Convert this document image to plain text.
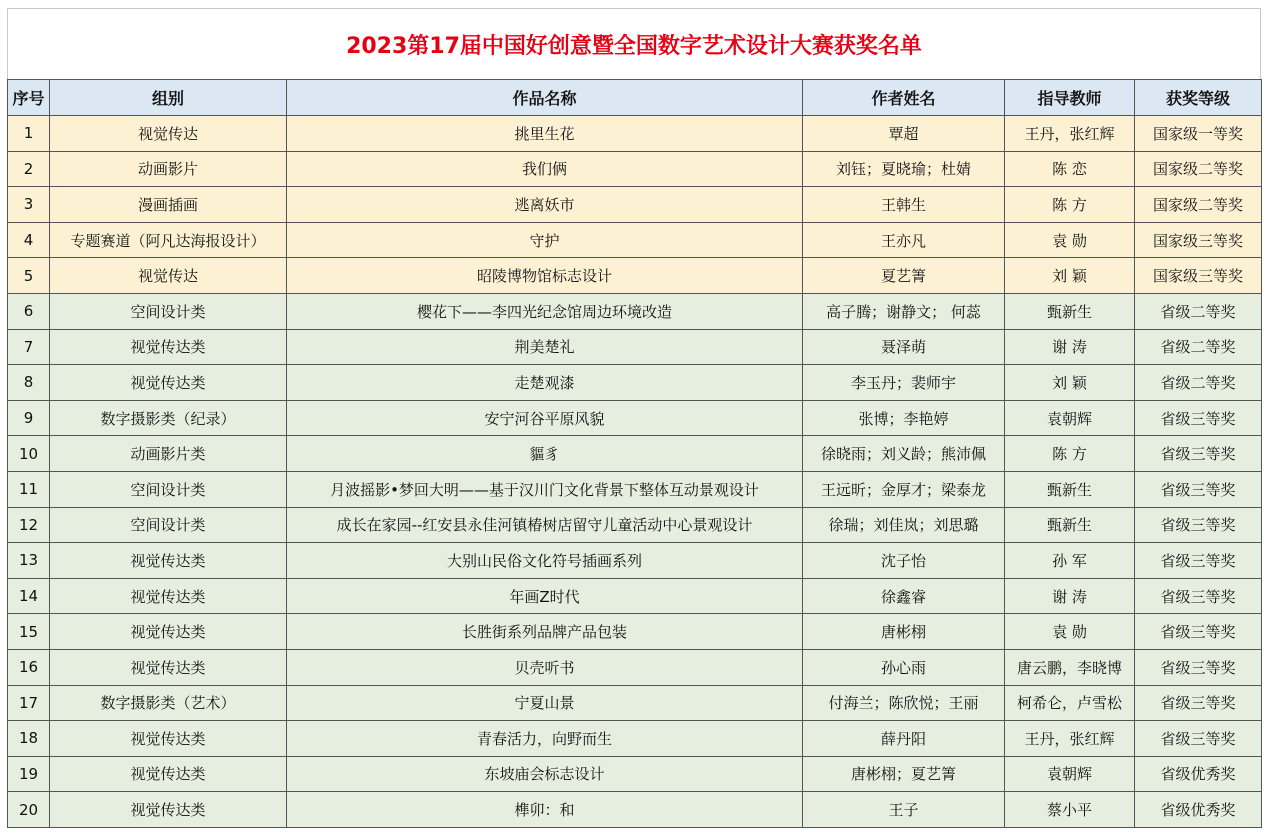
2023第17届中国好创意暨全国数字艺术设计大赛获奖名单
序号	组别	作品名称	作者姓名	指导教师	获奖等级
1	视觉传达	挑里生花	覃超	王丹，张红辉	国家级一等奖
2	动画影片	我们俩	刘钰；夏晓瑜；杜婧	陈 恋	国家级二等奖
3	漫画插画	逃离妖市	王韩生	陈 方	国家级二等奖
4	专题赛道（阿凡达海报设计）	守护	王亦凡	袁 勋	国家级三等奖
5	视觉传达	昭陵博物馆标志设计	夏艺箐	刘 颖	国家级三等奖
6	空间设计类	樱花下——李四光纪念馆周边环境改造	高子腾；谢静文； 何蕊	甄新生	省级二等奖
7	视觉传达类	荆美楚礼	聂泽萌	谢 涛	省级二等奖
8	视觉传达类	走楚观漆	李玉丹；裴师宇	刘 颖	省级二等奖
9	数字摄影类（纪录）	安宁河谷平原风貌	张博；李艳婷	袁朝辉	省级三等奖
10	动画影片类	貙豸	徐晓雨；刘义龄；熊沛佩	陈 方	省级三等奖
11	空间设计类	月波摇影•梦回大明——基于汉川门文化背景下整体互动景观设计	王远昕；金厚才；梁泰龙	甄新生	省级三等奖
12	空间设计类	成长在家园--红安县永佳河镇椿树店留守儿童活动中心景观设计	徐瑞；刘佳岚；刘思璐	甄新生	省级三等奖
13	视觉传达类	大别山民俗文化符号插画系列	沈子怡	孙 军	省级三等奖
14	视觉传达类	年画Z时代	徐鑫睿	谢 涛	省级三等奖
15	视觉传达类	长胜街系列品牌产品包装	唐彬栩	袁 勋	省级三等奖
16	视觉传达类	贝壳听书	孙心雨	唐云鹏，李晓博	省级三等奖
17	数字摄影类（艺术）	宁夏山景	付海兰；陈欣悦；王丽	柯希仑，卢雪松	省级三等奖
18	视觉传达类	青春活力，向野而生	薛丹阳	王丹，张红辉	省级三等奖
19	视觉传达类	东坡庙会标志设计	唐彬栩；夏艺箐	袁朝辉	省级优秀奖
20	视觉传达类	榫卯：和	王子	蔡小平	省级优秀奖
